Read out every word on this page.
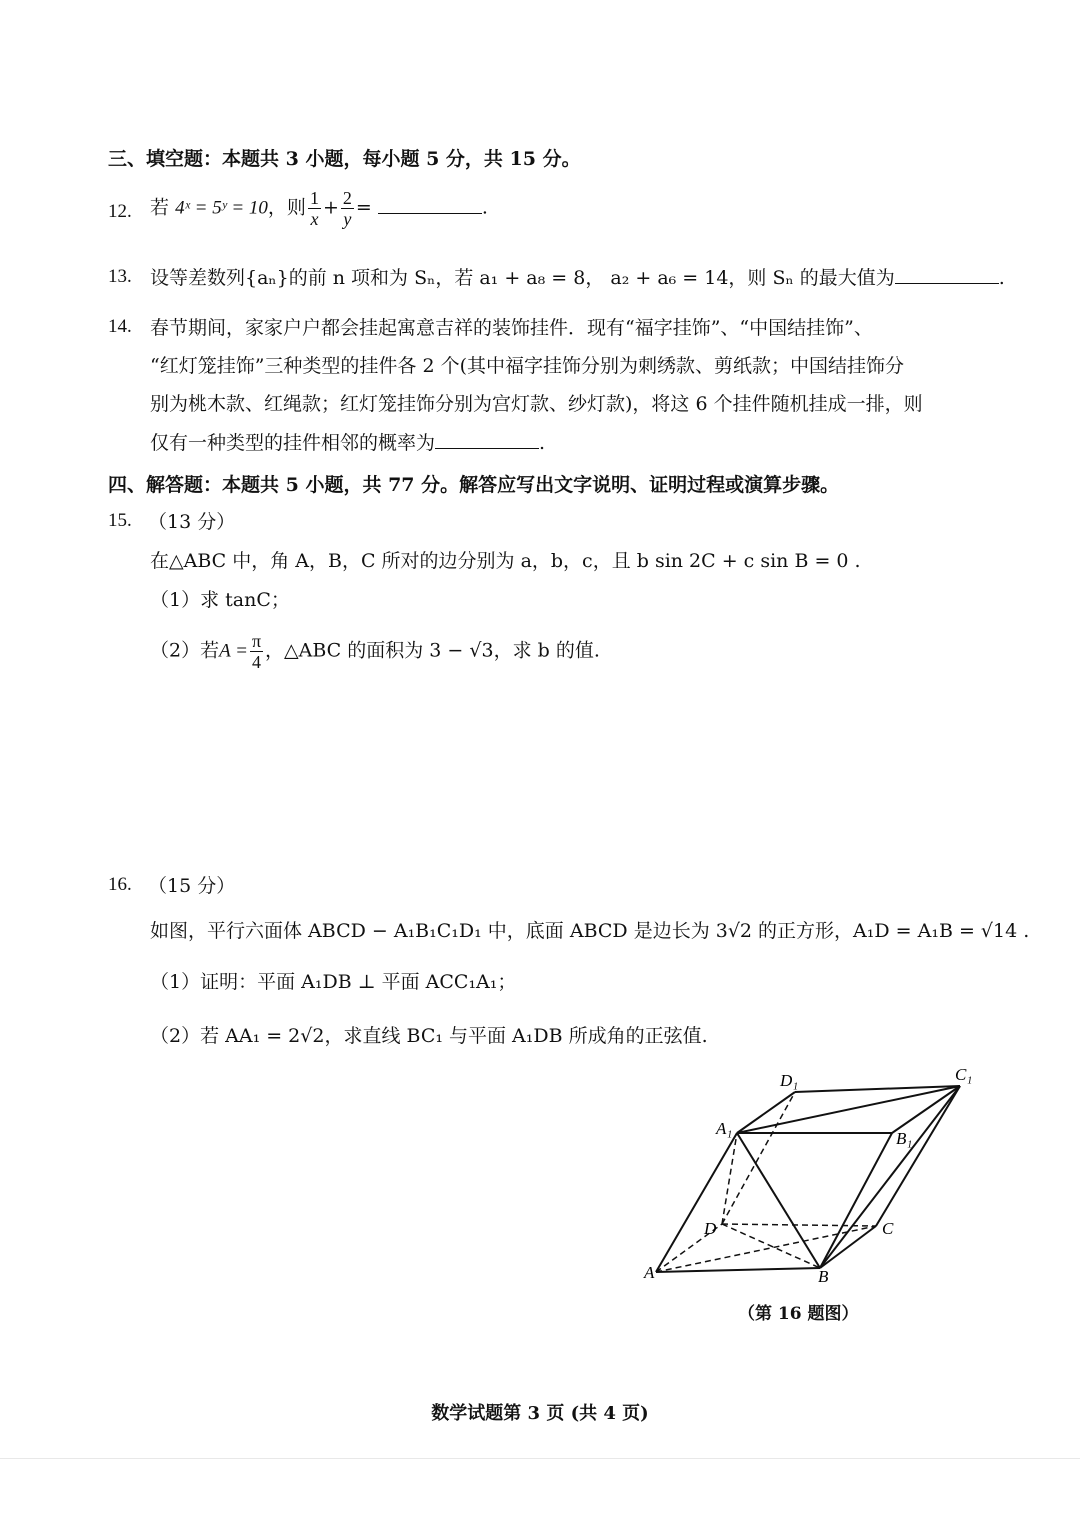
三、填空题：本题共 3 小题，每小题 5 分，共 15 分。
12. 若 4ˣ = 5ʸ = 10，则 $\frac{1}{x} + \frac{2}{y}$ =	.
13. 设等差数列{aₙ}的前 n 项和为 Sₙ，若 a₁ + a₈ = 8， a₂ + a₆ = 14，则 Sₙ 的最大值为	.
14. 春节期间，家家户户都会挂起寓意吉祥的装饰挂件．现有“福字挂饰”、“中国结挂饰”、
“红灯笼挂饰”三种类型的挂件各 2 个(其中福字挂饰分别为刺绣款、剪纸款；中国结挂饰分
别为桃木款、红绳款；红灯笼挂饰分别为宫灯款、纱灯款)，将这 6 个挂件随机挂成一排，则
仅有一种类型的挂件相邻的概率为	.
四、解答题：本题共 5 小题，共 77 分。解答应写出文字说明、证明过程或演算步骤。
15. （13 分）
在△ABC 中，角 A，B，C 所对的边分别为 a，b，c，且 b sin 2C + c sin B = 0 .
（1）求 tanC；
（2）若$A = \frac{\pi}{4}$ ，△ABC 的面积为 3 − √3，求 b 的值.
16. （15 分）
如图，平行六面体 ABCD − A₁B₁C₁D₁ 中，底面 ABCD 是边长为 3√2 的正方形，A₁D = A₁B = √14 .
（1）证明：平面 A₁DB ⊥ 平面 ACC₁A₁；
（2）若 AA₁ = 2√2，求直线 BC₁ 与平面 A₁DB 所成角的正弦值.
D₁	C₁
A₁
B₁
D	C
A	B
（第 16 题图）
数学试题第 3 页 (共 4 页)
